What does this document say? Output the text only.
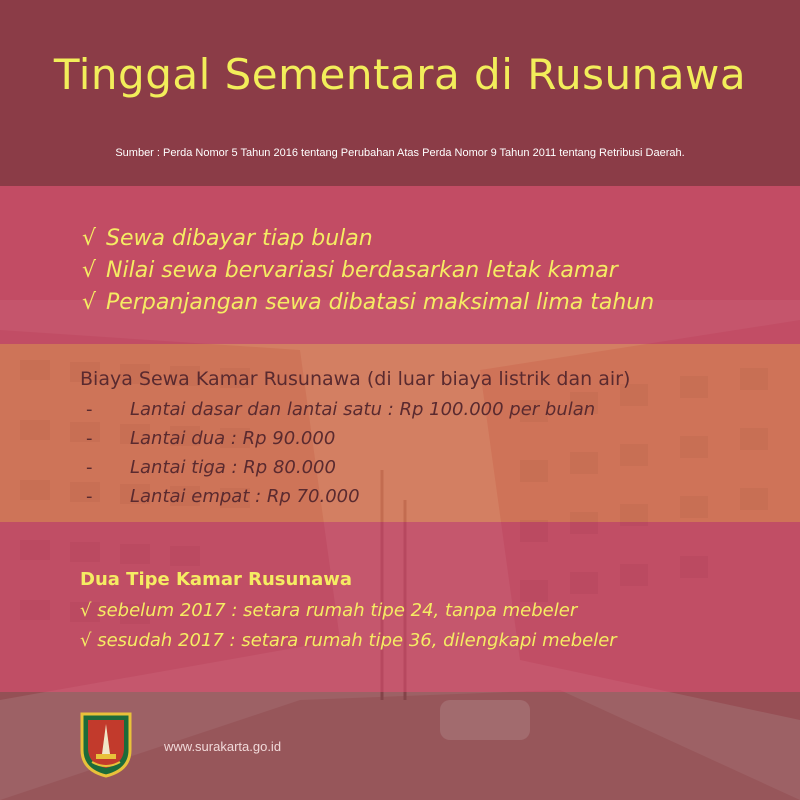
Tinggal Sementara di Rusunawa
Sumber : Perda Nomor 5 Tahun 2016 tentang Perubahan Atas Perda Nomor 9 Tahun 2011 tentang Retribusi Daerah.
√ Sewa dibayar tiap bulan
√ Nilai sewa bervariasi berdasarkan letak kamar
√ Perpanjangan sewa dibatasi maksimal lima tahun
Biaya Sewa Kamar Rusunawa (di luar biaya listrik dan air)
- Lantai dasar dan lantai satu : Rp 100.000 per bulan
- Lantai dua : Rp 90.000
- Lantai tiga : Rp 80.000
- Lantai empat : Rp 70.000
Dua Tipe Kamar Rusunawa
√ sebelum 2017 : setara rumah tipe 24, tanpa mebeler
√ sesudah 2017 : setara rumah tipe 36, dilengkapi mebeler
www.surakarta.go.id
